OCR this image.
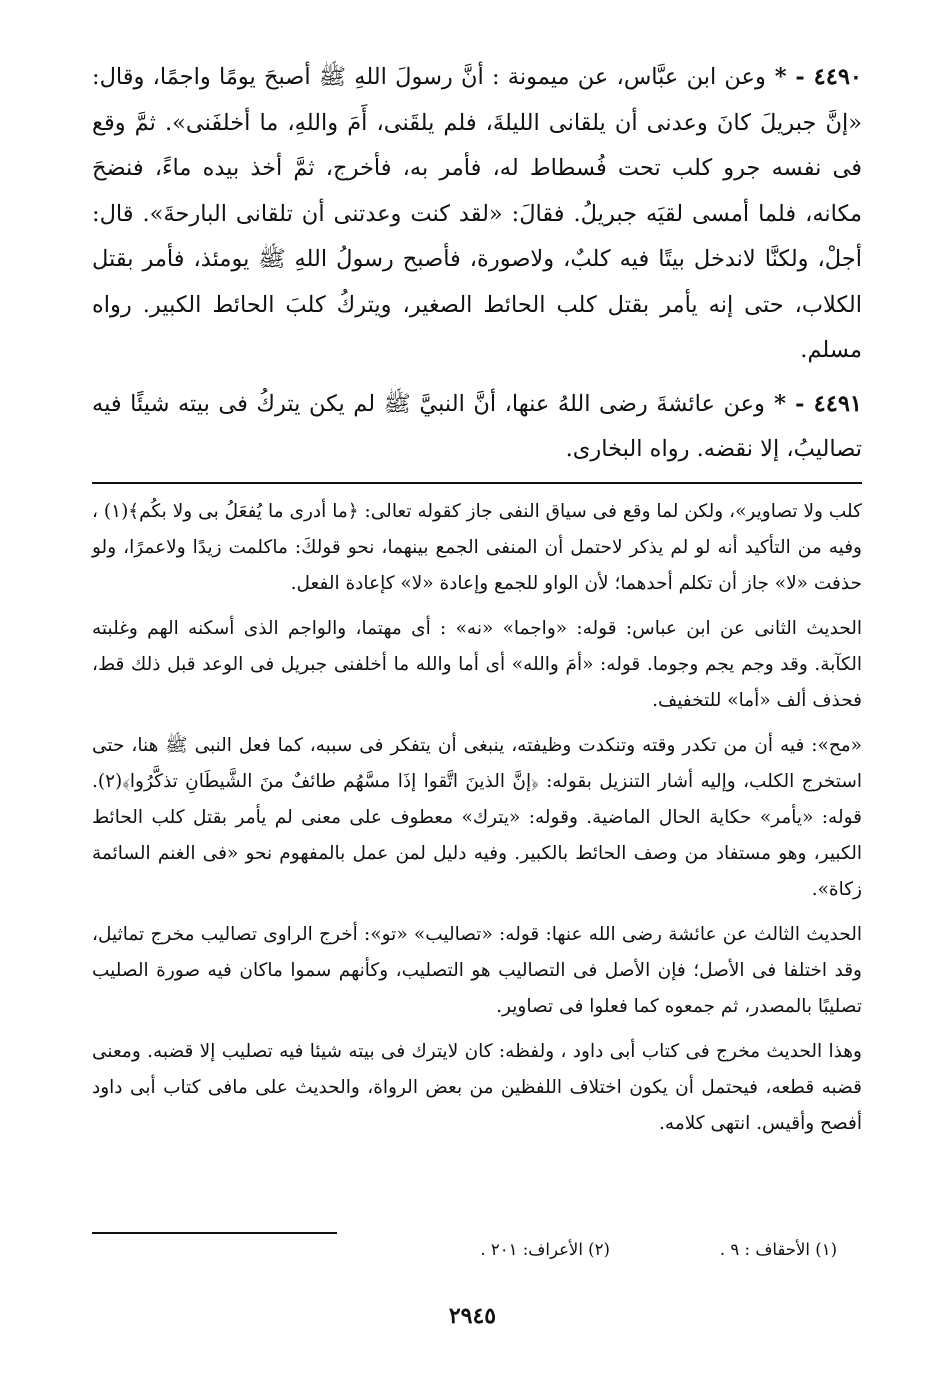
٤٤٩٠ - * وعن ابن عبَّاس، عن ميمونة : أنَّ رسولَ اللهِ ﷺ أصبحَ يومًا واجمًا، وقال: «إنَّ جبريلَ كانَ وعدنى أن يلقانى الليلةَ، فلم يلقَنى، أَمَ واللهِ، ما أخلفَنى». ثمَّ وقع فى نفسه جرو كلب تحت فُسطاط له، فأمر به، فأخرج، ثمَّ أخذ بيده ماءً، فنضحَ مكانه، فلما أمسى لقيَه جبريلُ. فقالَ: «لقد كنت وعدتنى أن تلقانى البارحةَ». قال: أجلْ، ولكنَّا لاندخل بيتًا فيه كلبٌ، ولاصورة، فأصبح رسولُ اللهِ ﷺ يومئذ، فأمر بقتل الكلاب، حتى إنه يأمر بقتل كلب الحائط الصغير، ويتركُ كلبَ الحائط الكبير. رواه مسلم.

٤٤٩١ - * وعن عائشةَ رضى اللهُ عنها، أنَّ النبيَّ ﷺ لم يكن يتركُ فى بيته شيئًا فيه تصاليبُ، إلا نقضه. رواه البخارى.

كلب ولا تصاوير»، ولكن لما وقع فى سياق النفى جاز كقوله تعالى: ﴿ما أدرى ما يُفعَلُ بى ولا بكُم﴾(١) ، وفيه من التأكيد أنه لو لم يذكر لاحتمل أن المنفى الجمع بينهما، نحو قولكَ: ماكلمت زيدًا ولاعمرًا، ولو حذفت «لا» جاز أن تكلم أحدهما؛ لأن الواو للجمع وإعادة «لا» كإعادة الفعل.

الحديث الثانى عن ابن عباس: قوله: «واجما» «نه» : أى مهتما، والواجم الذى أسكنه الهم وغلبته الكآبة. وقد وجم يجم وجوما. قوله: «أمَ والله» أى أما والله ما أخلفنى جبريل فى الوعد قبل ذلك قط، فحذف ألف «أما» للتخفيف.

«مح»: فيه أن من تكدر وقته وتنكدت وظيفته، ينبغى أن يتفكر فى سببه، كما فعل النبى ﷺ هنا، حتى استخرج الكلب، وإليه أشار التنزيل بقوله: ﴿إنَّ الذينَ اتَّقوا إذَا مسَّهُم طائفٌ منَ الشَّيطَانِ تذكَّرُوا﴾(٢). قوله: «يأمر» حكاية الحال الماضية. وقوله: «يترك» معطوف على معنى لم يأمر بقتل كلب الحائط الكبير، وهو مستفاد من وصف الحائط بالكبير. وفيه دليل لمن عمل بالمفهوم نحو «فى الغنم السائمة زكاة».

الحديث الثالث عن عائشة رضى الله عنها: قوله: «تصاليب» «تو»: أخرج الراوى تصاليب مخرج تماثيل، وقد اختلفا فى الأصل؛ فإن الأصل فى التصاليب هو التصليب، وكأنهم سموا ماكان فيه صورة الصليب تصليبًا بالمصدر، ثم جمعوه كما فعلوا فى تصاوير.

وهذا الحديث مخرج فى كتاب أبى داود ، ولفظه: كان لايترك فى بيته شيئا فيه تصليب إلا قضبه. ومعنى قضبه قطعه، فيحتمل أن يكون اختلاف اللفظين من بعض الرواة، والحديث على مافى كتاب أبى داود أفصح وأقيس. انتهى كلامه.

(١) الأحقاف : ٩ .
(٢) الأعراف: ٢٠١ .
٢٩٤٥
